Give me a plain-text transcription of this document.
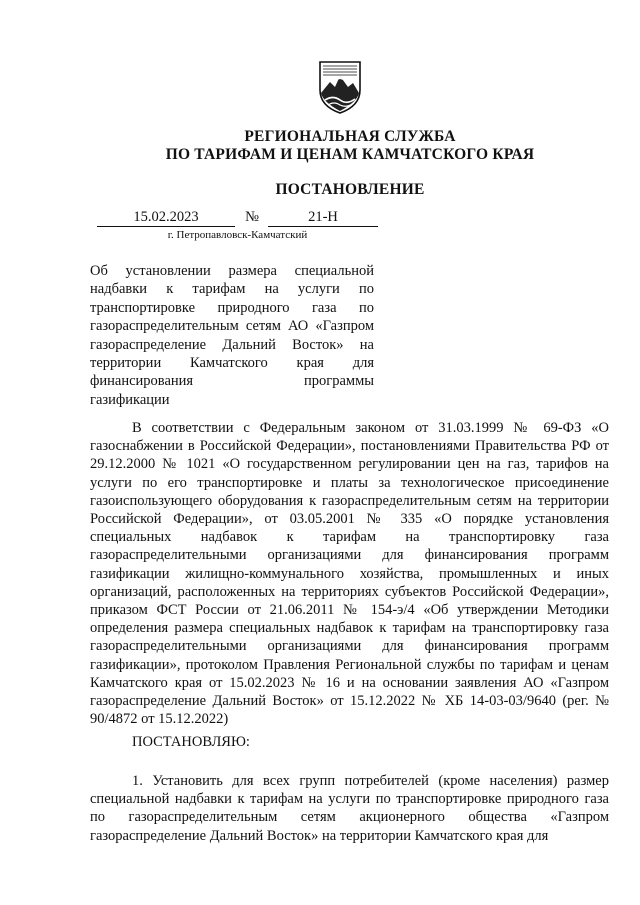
РЕГИОНАЛЬНАЯ СЛУЖБА
ПО ТАРИФАМ И ЦЕНАМ КАМЧАТСКОГО КРАЯ
ПОСТАНОВЛЕНИЕ
15.02.2023	№	21-Н
г. Петропавловск-Камчатский
Об установлении размера специальной надбавки к тарифам на услуги по транспортировке природного газа по газораспределительным сетям АО «Газпром газораспределение Дальний Восток» на территории Камчатского края для финансирования программы
газификации

В соответствии с Федеральным законом от 31.03.1999 № 69-ФЗ «О газоснабжении в Российской Федерации», постановлениями Правительства РФ от 29.12.2000 № 1021 «О государственном регулировании цен на газ, тарифов на услуги по его транспортировке и платы за технологическое присоединение газоиспользующего оборудования к газораспределительным сетям на территории Российской Федерации», от 03.05.2001 № 335 «О порядке установления специальных надбавок к тарифам на транспортировку газа газораспределительными организациями для финансирования программ газификации жилищно-коммунального хозяйства, промышленных и иных организаций, расположенных на территориях субъектов Российской Федерации», приказом ФСТ России от 21.06.2011 № 154-э/4 «Об утверждении Методики определения размера специальных надбавок к тарифам на транспортировку газа газораспределительными организациями для финансирования программ газификации», протоколом Правления Региональной службы по тарифам и ценам Камчатского края от 15.02.2023 № 16 и на основании заявления АО «Газпром газораспределение Дальний Восток» от 15.12.2022 № ХБ 14-03-03/9640 (рег. № 90/4872 от 15.12.2022)

ПОСТАНОВЛЯЮ:

1. Установить для всех групп потребителей (кроме населения) размер специальной надбавки к тарифам на услуги по транспортировке природного газа по газораспределительным сетям акционерного общества «Газпром газораспределение Дальний Восток» на территории Камчатского края для
